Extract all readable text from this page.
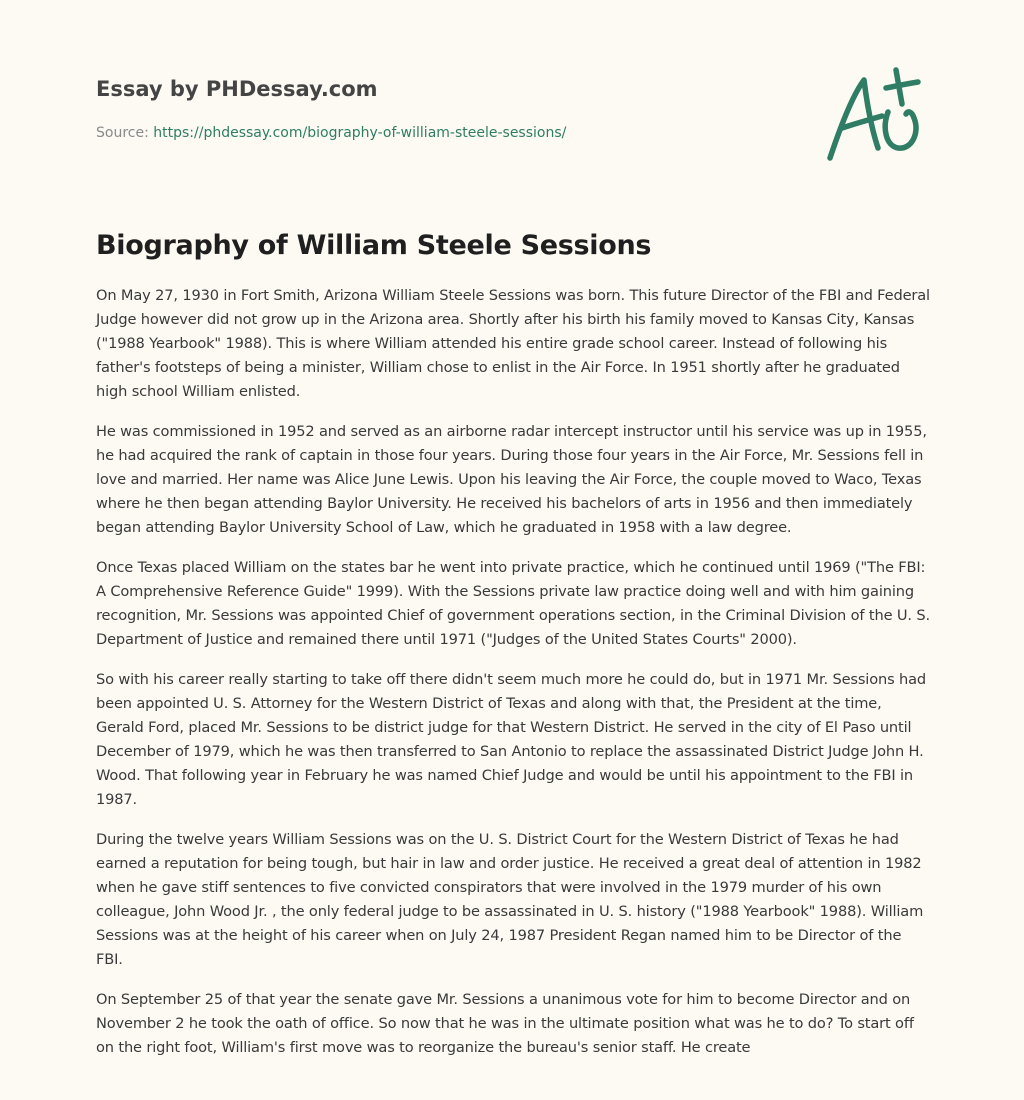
Essay by PHDessay.com
Source: https://phdessay.com/biography-of-william-steele-sessions/
Biography of William Steele Sessions

On May 27, 1930 in Fort Smith, Arizona William Steele Sessions was born. This future Director of the FBI and Federal Judge however did not grow up in the Arizona area. Shortly after his birth his family moved to Kansas City, Kansas ("1988 Yearbook" 1988). This is where William attended his entire grade school career. Instead of following his father's footsteps of being a minister, William chose to enlist in the Air Force. In 1951 shortly after he graduated high school William enlisted.

He was commissioned in 1952 and served as an airborne radar intercept instructor until his service was up in 1955, he had acquired the rank of captain in those four years. During those four years in the Air Force, Mr. Sessions fell in love and married. Her name was Alice June Lewis. Upon his leaving the Air Force, the couple moved to Waco, Texas where he then began attending Baylor University. He received his bachelors of arts in 1956 and then immediately began attending Baylor University School of Law, which he graduated in 1958 with a law degree.

Once Texas placed William on the states bar he went into private practice, which he continued until 1969 ("The FBI: A Comprehensive Reference Guide" 1999). With the Sessions private law practice doing well and with him gaining recognition, Mr. Sessions was appointed Chief of government operations section, in the Criminal Division of the U. S. Department of Justice and remained there until 1971 ("Judges of the United States Courts" 2000).

So with his career really starting to take off there didn't seem much more he could do, but in 1971 Mr. Sessions had been appointed U. S. Attorney for the Western District of Texas and along with that, the President at the time, Gerald Ford, placed Mr. Sessions to be district judge for that Western District. He served in the city of El Paso until December of 1979, which he was then transferred to San Antonio to replace the assassinated District Judge John H. Wood. That following year in February he was named Chief Judge and would be until his appointment to the FBI in 1987.

During the twelve years William Sessions was on the U. S. District Court for the Western District of Texas he had earned a reputation for being tough, but hair in law and order justice. He received a great deal of attention in 1982 when he gave stiff sentences to five convicted conspirators that were involved in the 1979 murder of his own colleague, John Wood Jr. , the only federal judge to be assassinated in U. S. history ("1988 Yearbook" 1988). William Sessions was at the height of his career when on July 24, 1987 President Regan named him to be Director of the FBI.

On September 25 of that year the senate gave Mr. Sessions a unanimous vote for him to become Director and on November 2 he took the oath of office. So now that he was in the ultimate position what was he to do? To start off on the right foot, William's first move was to reorganize the bureau's senior staff. He create
